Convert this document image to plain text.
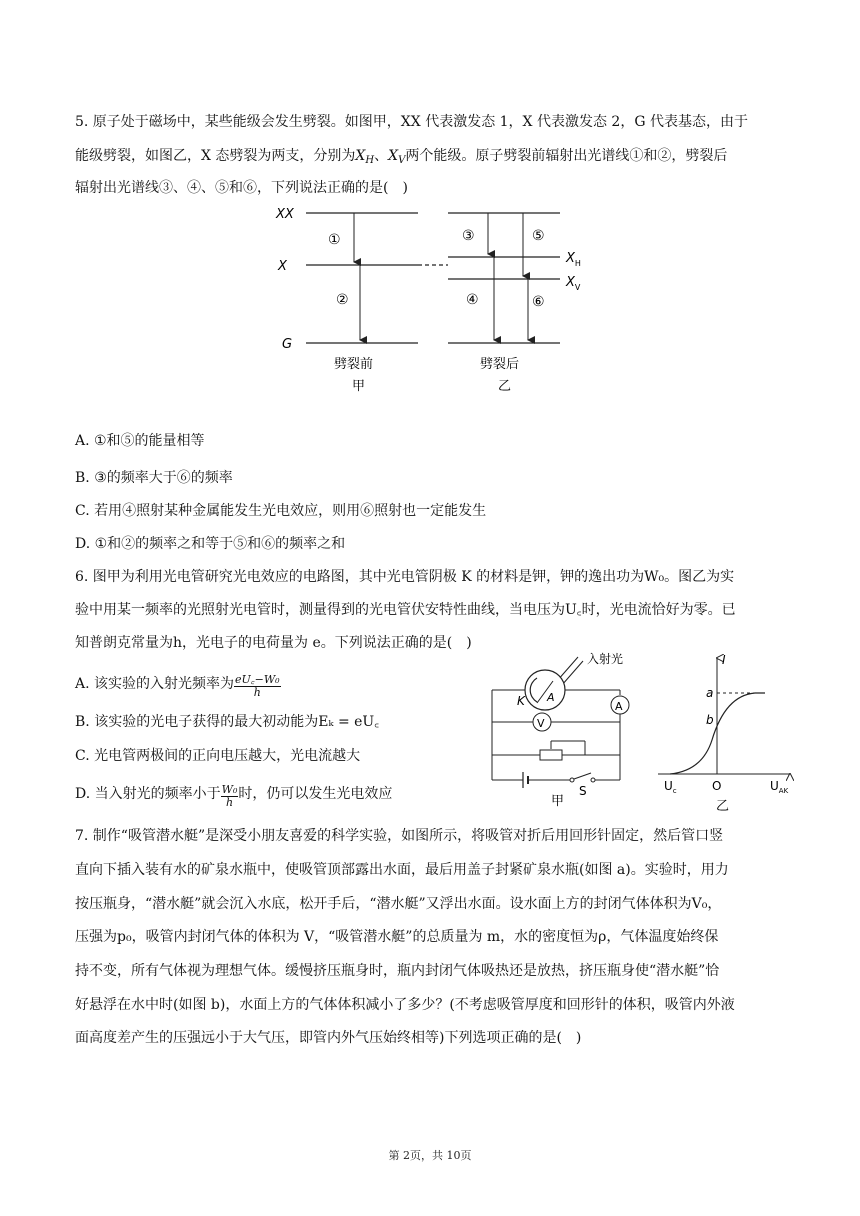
5. 原子处于磁场中，某些能级会发生劈裂。如图甲，XX 代表激发态 1，X 代表激发态 2，G 代表基态，由于
能级劈裂，如图乙，X 态劈裂为两支，分别为$X_H$、$X_V$两个能级。原子劈裂前辐射出光谱线①和②，劈裂后
辐射出光谱线③、④、⑤和⑥，下列说法正确的是(　)
XX
X
G
①
②
劈裂前
甲
$X_H$
$X_V$
③	⑤
④	⑥
劈裂后
乙
A. ①和⑤的能量相等
B. ③的频率大于⑥的频率
C. 若用④照射某种金属能发生光电效应，则用⑥照射也一定能发生
D. ①和②的频率之和等于⑤和⑥的频率之和
6. 图甲为利用光电管研究光电效应的电路图，其中光电管阴极 K 的材料是钾，钾的逸出功为W₀。图乙为实
验中用某一频率的光照射光电管时，测量得到的光电管伏安特性曲线，当电压为U꜀时，光电流恰好为零。已
知普朗克常量为h，光电子的电荷量为 e。下列说法正确的是(　)
A. 该实验的入射光频率为 $\frac{\text{eU꜀−W₀}}{h}$
B. 该实验的光电子获得的最大初动能为Eₖ = eU꜀
C. 光电管两极间的正向电压越大，光电流越大
D. 当入射光的频率小于 $\frac{\text{W₀}}{h}$ 时，仍可以发生光电效应
入射光
K A
A
V
S
甲
I
a
b
$U_c$	O	$U_{AK}$
乙
7. 制作“吸管潜水艇”是深受小朋友喜爱的科学实验，如图所示，将吸管对折后用回形针固定，然后管口竖
直向下插入装有水的矿泉水瓶中，使吸管顶部露出水面，最后用盖子封紧矿泉水瓶(如图 a)。实验时，用力
按压瓶身，“潜水艇”就会沉入水底，松开手后，“潜水艇”又浮出水面。设水面上方的封闭气体体积为V₀，
压强为p₀，吸管内封闭气体的体积为 V，“吸管潜水艇”的总质量为 m，水的密度恒为ρ，气体温度始终保
持不变，所有气体视为理想气体。缓慢挤压瓶身时，瓶内封闭气体吸热还是放热，挤压瓶身使“潜水艇”恰
好悬浮在水中时(如图 b)，水面上方的气体体积减小了多少？(不考虑吸管厚度和回形针的体积，吸管内外液
面高度差产生的压强远小于大气压，即管内外气压始终相等)下列选项正确的是(　)
第 2页，共 10页
